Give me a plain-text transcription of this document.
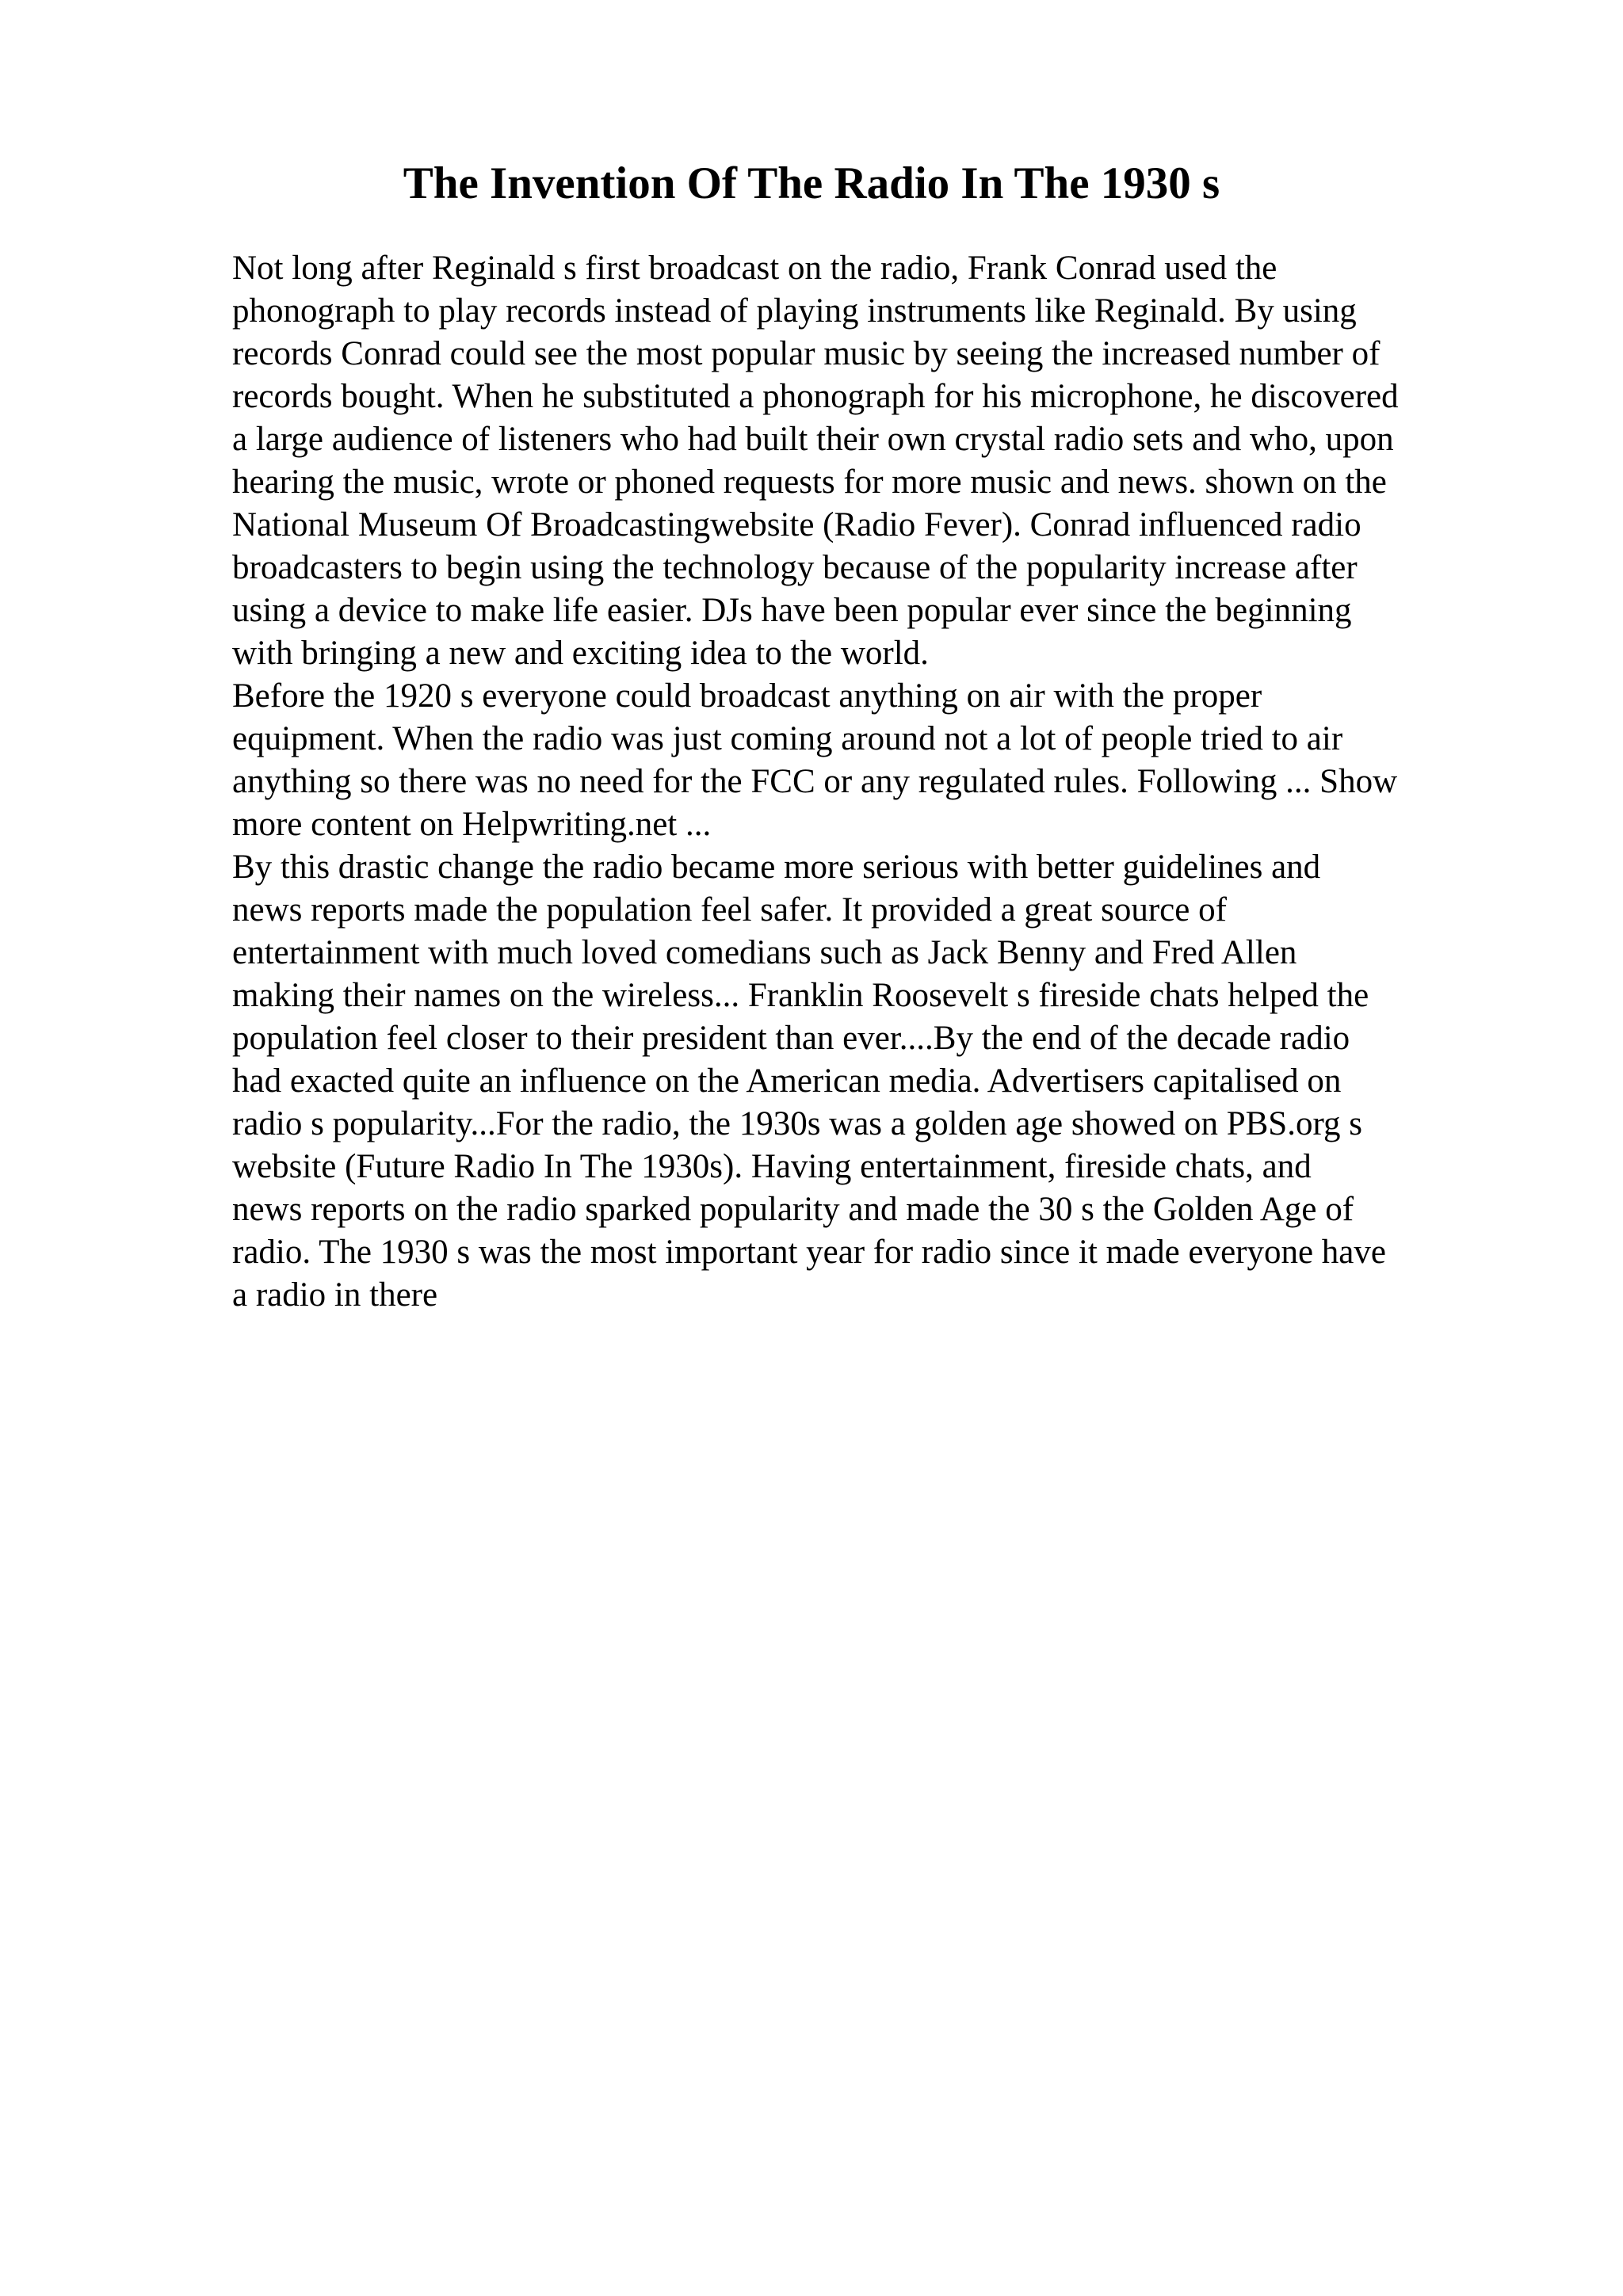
The Invention Of The Radio In The 1930 s

Not long after Reginald s first broadcast on the radio, Frank Conrad used the
phonograph to play records instead of playing instruments like Reginald. By using
records Conrad could see the most popular music by seeing the increased number of
records bought. When he substituted a phonograph for his microphone, he discovered
a large audience of listeners who had built their own crystal radio sets and who, upon
hearing the music, wrote or phoned requests for more music and news. shown on the
National Museum Of Broadcastingwebsite (Radio Fever). Conrad influenced radio
broadcasters to begin using the technology because of the popularity increase after
using a device to make life easier. DJs have been popular ever since the beginning
with bringing a new and exciting idea to the world.

Before the 1920 s everyone could broadcast anything on air with the proper
equipment. When the radio was just coming around not a lot of people tried to air
anything so there was no need for the FCC or any regulated rules. Following ... Show
more content on Helpwriting.net ...

By this drastic change the radio became more serious with better guidelines and
news reports made the population feel safer. It provided a great source of
entertainment with much loved comedians such as Jack Benny and Fred Allen
making their names on the wireless... Franklin Roosevelt s fireside chats helped the
population feel closer to their president than ever....By the end of the decade radio
had exacted quite an influence on the American media. Advertisers capitalised on
radio s popularity...For the radio, the 1930s was a golden age showed on PBS.org s
website (Future Radio In The 1930s). Having entertainment, fireside chats, and
news reports on the radio sparked popularity and made the 30 s the Golden Age of
radio. The 1930 s was the most important year for radio since it made everyone have
a radio in there
